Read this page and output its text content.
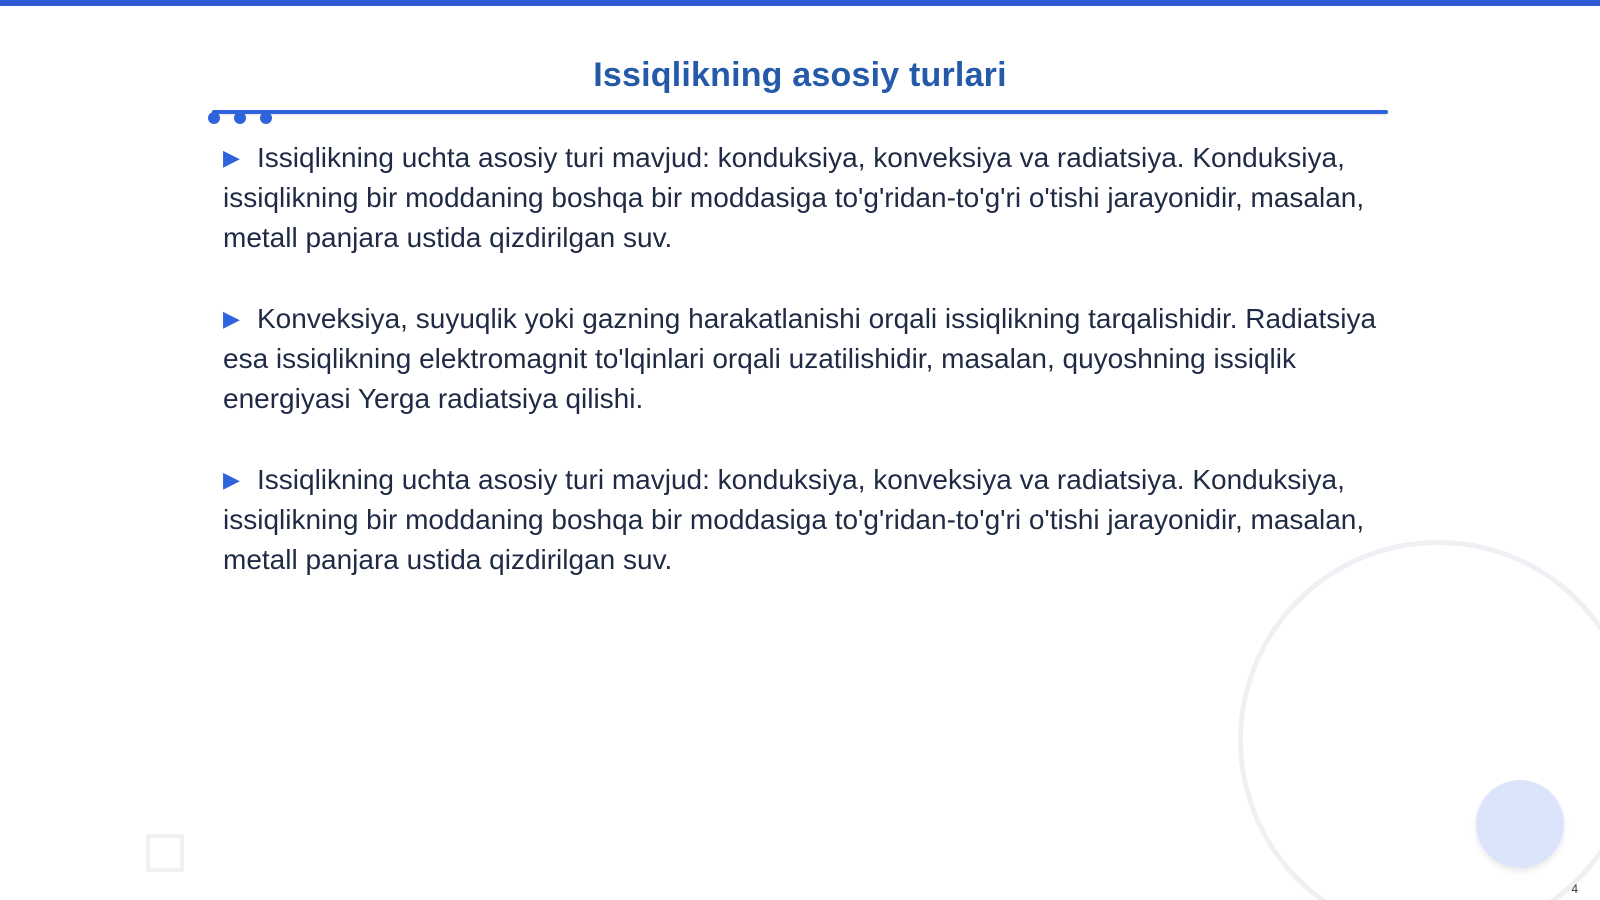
Issiqlikning asosiy turlari

▶ Issiqlikning uchta asosiy turi mavjud: konduksiya, konveksiya va radiatsiya. Konduksiya, issiqlikning bir moddaning boshqa bir moddasiga to'g'ridan-to'g'ri o'tishi jarayonidir, masalan, metall panjara ustida qizdirilgan suv.

▶ Konveksiya, suyuqlik yoki gazning harakatlanishi orqali issiqlikning tarqalishidir. Radiatsiya esa issiqlikning elektromagnit to'lqinlari orqali uzatilishidir, masalan, quyoshning issiqlik energiyasi Yerga radiatsiya qilishi.

▶ Issiqlikning uchta asosiy turi mavjud: konduksiya, konveksiya va radiatsiya. Konduksiya, issiqlikning bir moddaning boshqa bir moddasiga to'g'ridan-to'g'ri o'tishi jarayonidir, masalan, metall panjara ustida qizdirilgan suv.

4
